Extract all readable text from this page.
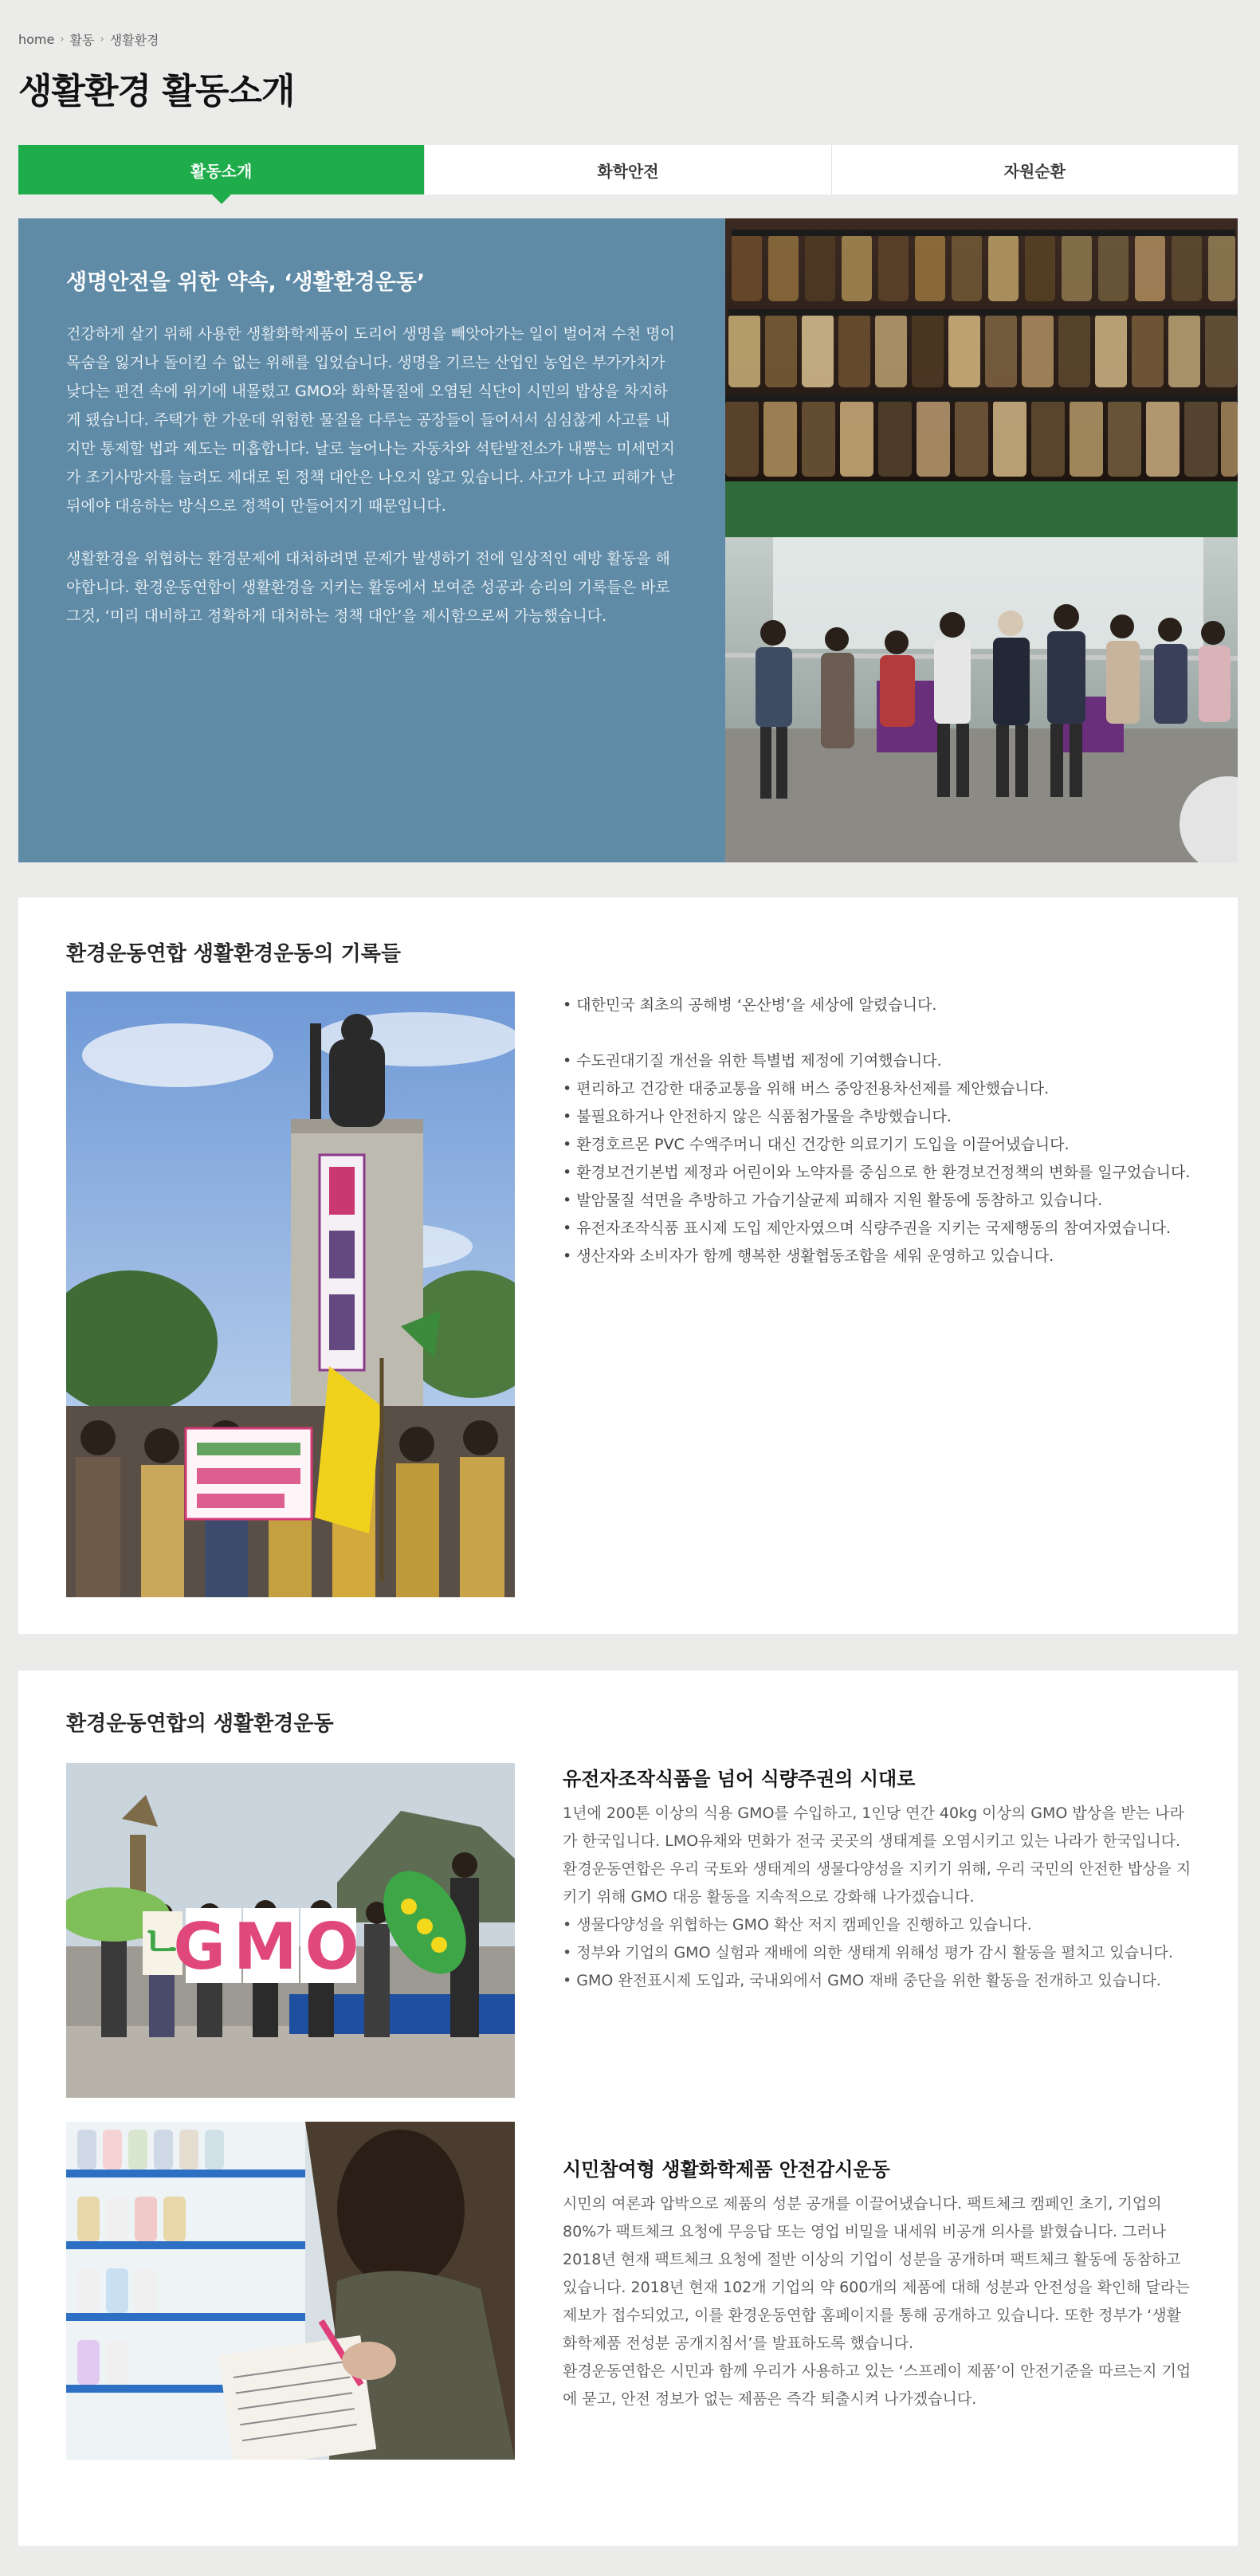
home › 활동 › 생활환경
생활환경 활동소개
활동소개	화학안전	자원순환
생명안전을 위한 약속, ‘생활환경운동’

건강하게 살기 위해 사용한 생활화학제품이 도리어 생명을 빼앗아가는 일이 벌어져 수천 명이 목숨을 잃거나 돌이킬 수 없는 위해를 입었습니다. 생명을 기르는 산업인 농업은 부가가치가 낮다는 편견 속에 위기에 내몰렸고 GMO와 화학물질에 오염된 식단이 시민의 밥상을 차지하게 됐습니다. 주택가 한 가운데 위험한 물질을 다루는 공장들이 들어서서 심심찮게 사고를 내지만 통제할 법과 제도는 미흡합니다. 날로 늘어나는 자동차와 석탄발전소가 내뿜는 미세먼지가 조기사망자를 늘려도 제대로 된 정책 대안은 나오지 않고 있습니다. 사고가 나고 피해가 난 뒤에야 대응하는 방식으로 정책이 만들어지기 때문입니다.

생활환경을 위협하는 환경문제에 대처하려면 문제가 발생하기 전에 일상적인 예방 활동을 해야합니다. 환경운동연합이 생활환경을 지키는 활동에서 보여준 성공과 승리의 기록들은 바로 그것, ‘미리 대비하고 정확하게 대처하는 정책 대안’을 제시함으로써 가능했습니다.

환경운동연합 생활환경운동의 기록들
• 대한민국 최초의 공해병 ‘온산병’을 세상에 알렸습니다.
• 수도권대기질 개선을 위한 특별법 제정에 기여했습니다.
• 편리하고 건강한 대중교통을 위해 버스 중앙전용차선제를 제안했습니다.
• 불필요하거나 안전하지 않은 식품첨가물을 추방했습니다.
• 환경호르몬 PVC 수액주머니 대신 건강한 의료기기 도입을 이끌어냈습니다.
• 환경보건기본법 제정과 어린이와 노약자를 중심으로 한 환경보건정책의 변화를 일구었습니다.
• 발암물질 석면을 추방하고 가습기살균제 피해자 지원 활동에 동참하고 있습니다.
• 유전자조작식품 표시제 도입 제안자였으며 식량주권을 지키는 국제행동의 참여자였습니다.
• 생산자와 소비자가 함께 행복한 생활협동조합을 세워 운영하고 있습니다.
환경운동연합의 생활환경운동
ㄴ
GMO
유전자조작식품을 넘어 식량주권의 시대로

1년에 200톤 이상의 식용 GMO를 수입하고, 1인당 연간 40kg 이상의 GMO 밥상을 받는 나라가 한국입니다. LMO유채와 면화가 전국 곳곳의 생태계를 오염시키고 있는 나라가 한국입니다. 환경운동연합은 우리 국토와 생태계의 생물다양성을 지키기 위해, 우리 국민의 안전한 밥상을 지키기 위해 GMO 대응 활동을 지속적으로 강화해 나가겠습니다.

• 생물다양성을 위협하는 GMO 확산 저지 캠페인을 진행하고 있습니다.

• 정부와 기업의 GMO 실험과 재배에 의한 생태계 위해성 평가 감시 활동을 펼치고 있습니다.

• GMO 완전표시제 도입과, 국내외에서 GMO 재배 중단을 위한 활동을 전개하고 있습니다.

시민참여형 생활화학제품 안전감시운동

시민의 여론과 압박으로 제품의 성분 공개를 이끌어냈습니다. 팩트체크 캠페인 초기, 기업의 80%가 팩트체크 요청에 무응답 또는 영업 비밀을 내세워 비공개 의사를 밝혔습니다. 그러나 2018년 현재 팩트체크 요청에 절반 이상의 기업이 성분을 공개하며 팩트체크 활동에 동참하고 있습니다. 2018년 현재 102개 기업의 약 600개의 제품에 대해 성분과 안전성을 확인해 달라는 제보가 접수되었고, 이를 환경운동연합 홈페이지를 통해 공개하고 있습니다. 또한 정부가 ‘생활화학제품 전성분 공개지침서’를 발표하도록 했습니다.

환경운동연합은 시민과 함께 우리가 사용하고 있는 ‘스프레이 제품’이 안전기준을 따르는지 기업에 묻고, 안전 정보가 없는 제품은 즉각 퇴출시켜 나가겠습니다.
